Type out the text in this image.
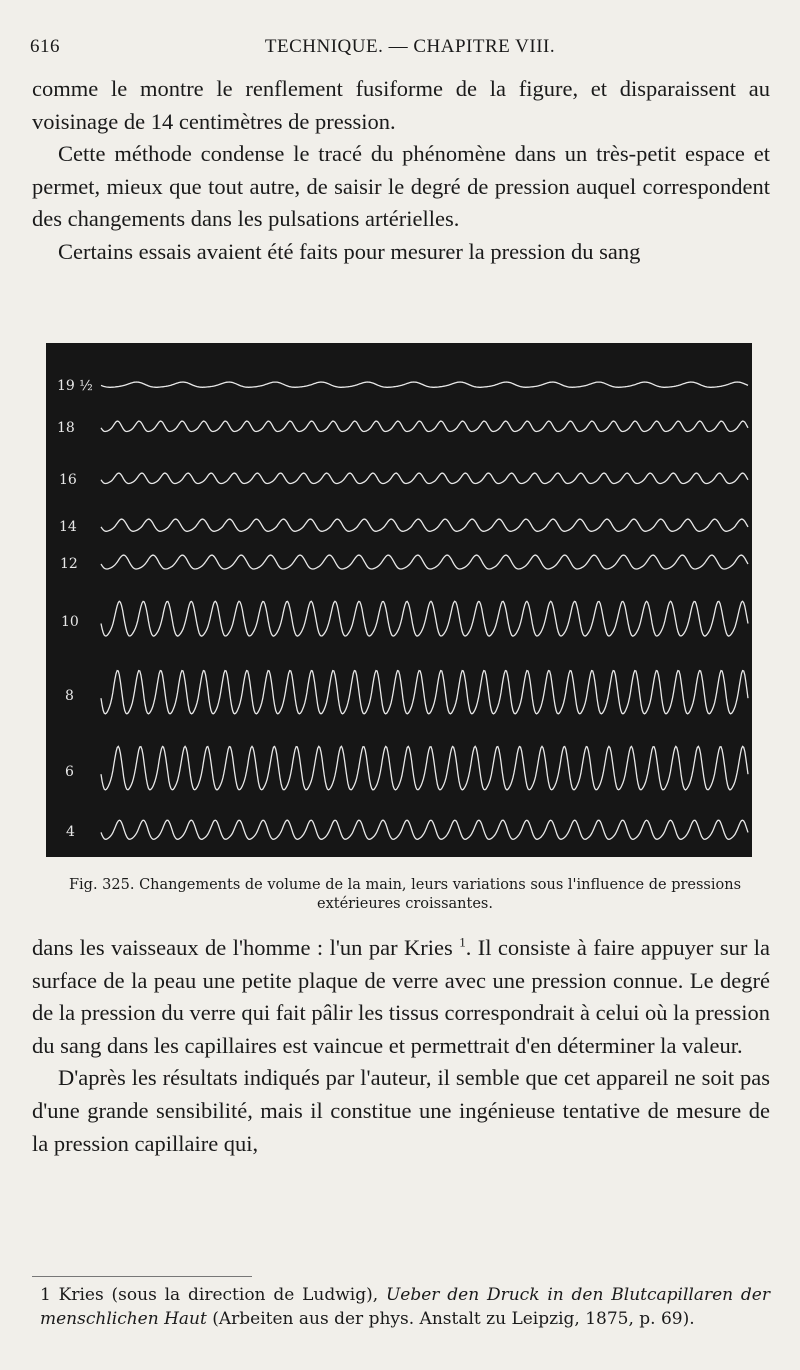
616	TECHNIQUE. — CHAPITRE VIII.

comme le montre le renflement fusiforme de la figure, et disparaissent au voisinage de 14 centimètres de pression.

Cette méthode condense le tracé du phénomène dans un très-petit espace et permet, mieux que tout autre, de saisir le degré de pression auquel correspondent des changements dans les pulsations artérielles.

Certains essais avaient été faits pour mesurer la pression du sang

19 ½
18
16
14
12
10
8
6
4
Fig. 325. Changements de volume de la main, leurs variations sous l'influence de pressions extérieures croissantes.

dans les vaisseaux de l'homme : l'un par Kries $^1$. Il consiste à faire appuyer sur la surface de la peau une petite plaque de verre avec une pression connue. Le degré de la pression du verre qui fait pâlir les tissus correspondrait à celui où la pression du sang dans les capillaires est vaincue et permettrait d'en déterminer la valeur.

D'après les résultats indiqués par l'auteur, il semble que cet appareil ne soit pas d'une grande sensibilité, mais il constitue une ingénieuse tentative de mesure de la pression capillaire qui,

1 Kries (sous la direction de Ludwig), Ueber den Druck in den Blutcapillaren der menschlichen Haut (Arbeiten aus der phys. Anstalt zu Leipzig, 1875, p. 69).
